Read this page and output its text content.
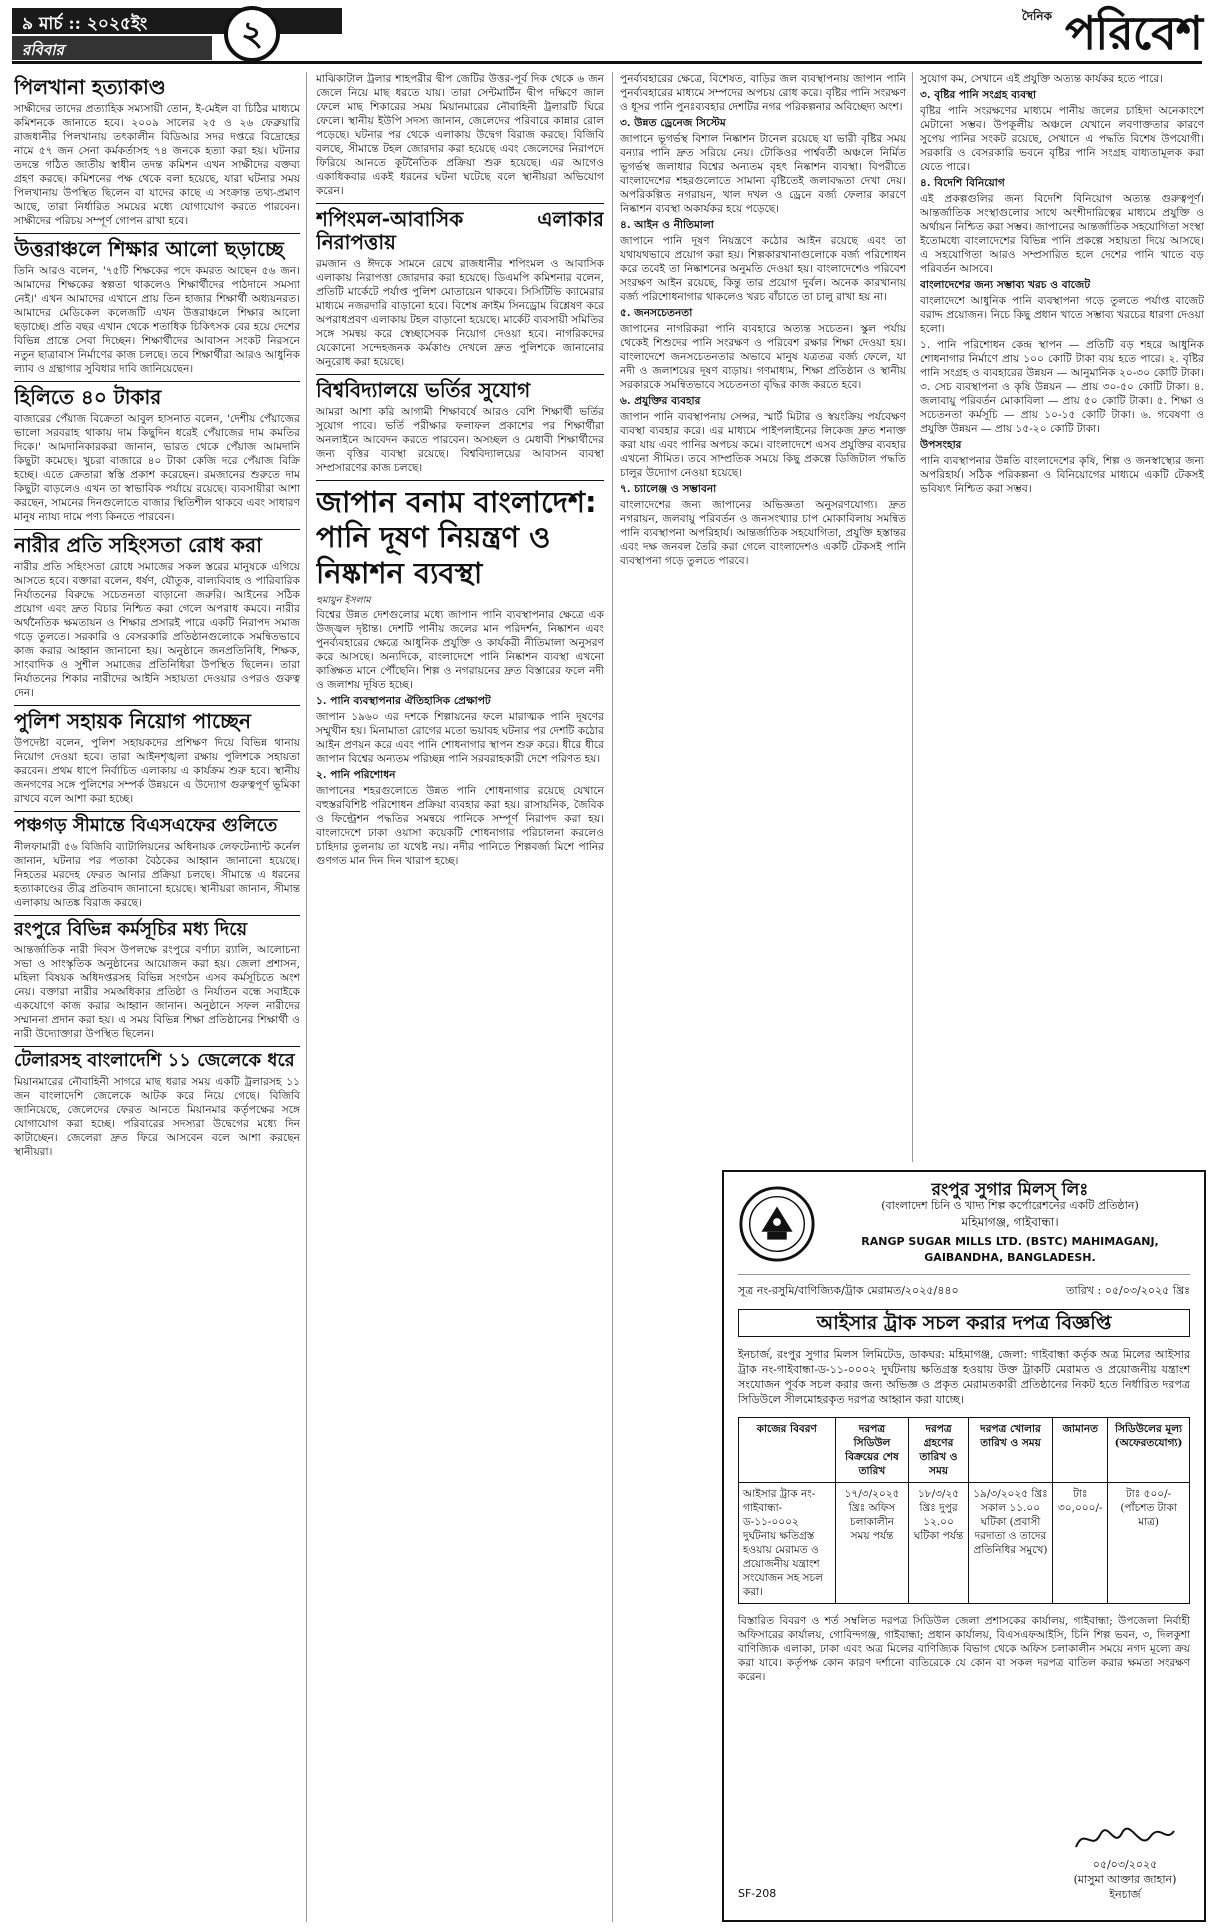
৯ মার্চ :: ২০২৫ইং
রবিবার	২	দৈনিক পরিবেশ
পিলখানা হত্যাকাণ্ড

সাক্ষীদের তাদের প্রত্যাহিক সম্যসায়ী তোন, ই-মেইল বা চিঠির মাধ্যমে কমিশনকে জানাতে হবে। ২০০৯ সালের ২৫ ও ২৬ ফেব্রুয়ারি রাজধানীর পিলখানায় তৎকালীন বিডিআর সদর দপ্তরে বিদ্রোহের নামে ৫৭ জন সেনা কর্মকর্তাসহ ৭৪ জনকে হত্যা করা হয়। ঘটনার তদন্তে গঠিত জাতীয় স্বাধীন তদন্ত কমিশন এখন সাক্ষীদের বক্তব্য গ্রহণ করছে। কমিশনের পক্ষ থেকে বলা হয়েছে, যারা ঘটনার সময় পিলখানায় উপস্থিত ছিলেন বা যাদের কাছে এ সংক্রান্ত তথ্য-প্রমাণ আছে, তারা নির্ধারিত সময়ের মধ্যে যোগাযোগ করতে পারবেন। সাক্ষীদের পরিচয় সম্পূর্ণ গোপন রাখা হবে।

উত্তরাঞ্চলে শিক্ষার আলো ছড়াচ্ছে

তিনি আরও বলেন, '৭৫টি শিক্ষকের পদে কমরত আছেন ৫৬ জন। আমাদের শিক্ষকের স্বল্পতা থাকলেও শিক্ষার্থীদের পাঠদানে সমস্যা নেই।' এখন আমাদের এখানে প্রায় তিন হাজার শিক্ষার্থী অধ্যয়নরত। আমাদের মেডিকেল কলেজটি এখন উত্তরাঞ্চলে শিক্ষার আলো ছড়াচ্ছে। প্রতি বছর এখান থেকে শতাধিক চিকিৎসক বের হয়ে দেশের বিভিন্ন প্রান্তে সেবা দিচ্ছেন। শিক্ষার্থীদের আবাসন সংকট নিরসনে নতুন ছাত্রাবাস নির্মাণের কাজ চলছে। তবে শিক্ষার্থীরা আরও আধুনিক ল্যাব ও গ্রন্থাগার সুবিধার দাবি জানিয়েছেন।

হিলিতে ৪০ টাকার

বাজারের পেঁয়াজ বিক্রেতা আবুল হাসনাত বলেন, 'দেশীয় পেঁয়াজের ভালো সরবরাহ থাকায় দাম কিছুদিন ধরেই পেঁয়াজের দাম কমতির দিকে।' আমদানিকারকরা জানান, ভারত থেকে পেঁয়াজ আমদানি কিছুটা কমেছে। খুচরা বাজারে ৪০ টাকা কেজি দরে পেঁয়াজ বিক্রি হচ্ছে। এতে ক্রেতারা স্বস্তি প্রকাশ করেছেন। রমজানের শুরুতে দাম কিছুটা বাড়লেও এখন তা স্বাভাবিক পর্যায়ে রয়েছে। ব্যবসায়ীরা আশা করছেন, সামনের দিনগুলোতে বাজার স্থিতিশীল থাকবে এবং সাধারণ মানুষ ন্যায্য দামে পণ্য কিনতে পারবেন।

নারীর প্রতি সহিংসতা রোধ করা

নারীর প্রতি সহিংসতা রোধে সমাজের সকল স্তরের মানুষকে এগিয়ে আসতে হবে। বক্তারা বলেন, ধর্ষণ, যৌতুক, বাল্যবিবাহ ও পারিবারিক নির্যাতনের বিরুদ্ধে সচেতনতা বাড়ানো জরুরি। আইনের সঠিক প্রয়োগ এবং দ্রুত বিচার নিশ্চিত করা গেলে অপরাধ কমবে। নারীর অর্থনৈতিক ক্ষমতায়ন ও শিক্ষার প্রসারই পারে একটি নিরাপদ সমাজ গড়ে তুলতে। সরকারি ও বেসরকারি প্রতিষ্ঠানগুলোকে সমন্বিতভাবে কাজ করার আহ্বান জানানো হয়। অনুষ্ঠানে জনপ্রতিনিধি, শিক্ষক, সাংবাদিক ও সুশীল সমাজের প্রতিনিধিরা উপস্থিত ছিলেন। তারা নির্যাতনের শিকার নারীদের আইনি সহায়তা দেওয়ার ওপরও গুরুত্ব দেন।

পুলিশ সহায়ক নিয়োগ পাচ্ছেন

উপদেষ্টা বলেন, পুলিশ সহায়কদের প্রশিক্ষণ দিয়ে বিভিন্ন থানায় নিয়োগ দেওয়া হবে। তারা আইনশৃঙ্খলা রক্ষায় পুলিশকে সহায়তা করবেন। প্রথম ধাপে নির্বাচিত এলাকায় এ কার্যক্রম শুরু হবে। স্থানীয় জনগণের সঙ্গে পুলিশের সম্পর্ক উন্নয়নে এ উদ্যোগ গুরুত্বপূর্ণ ভূমিকা রাখবে বলে আশা করা হচ্ছে।

পঞ্চগড় সীমান্তে বিএসএফের গুলিতে

নীলফামারী ৫৬ বিজিবি ব্যাটালিয়নের অধিনায়ক লেফটেন্যান্ট কর্নেল জানান, ঘটনার পর পতাকা বৈঠকের আহ্বান জানানো হয়েছে। নিহতের মরদেহ ফেরত আনার প্রক্রিয়া চলছে। সীমান্তে এ ধরনের হত্যাকাণ্ডের তীব্র প্রতিবাদ জানানো হয়েছে। স্থানীয়রা জানান, সীমান্ত এলাকায় আতঙ্ক বিরাজ করছে।

রংপুরে বিভিন্ন কর্মসূচির মধ্য দিয়ে

আন্তর্জাতিক নারী দিবস উপলক্ষে রংপুরে বর্ণাঢ্য র‍্যালি, আলোচনা সভা ও সাংস্কৃতিক অনুষ্ঠানের আয়োজন করা হয়। জেলা প্রশাসন, মহিলা বিষয়ক অধিদপ্তরসহ বিভিন্ন সংগঠন এসব কর্মসূচিতে অংশ নেয়। বক্তারা নারীর সমঅধিকার প্রতিষ্ঠা ও নির্যাতন বন্ধে সবাইকে একযোগে কাজ করার আহ্বান জানান। অনুষ্ঠানে সফল নারীদের সম্মাননা প্রদান করা হয়। এ সময় বিভিন্ন শিক্ষা প্রতিষ্ঠানের শিক্ষার্থী ও নারী উদ্যোক্তারা উপস্থিত ছিলেন।

টেলারসহ বাংলাদেশি ১১ জেলেকে ধরে

মিয়ানমারের নৌবাহিনী সাগরে মাছ ধরার সময় একটি ট্রলারসহ ১১ জন বাংলাদেশি জেলেকে আটক করে নিয়ে গেছে। বিজিবি জানিয়েছে, জেলেদের ফেরত আনতে মিয়ানমার কর্তৃপক্ষের সঙ্গে যোগাযোগ করা হচ্ছে। পরিবারের সদস্যরা উদ্বেগের মধ্যে দিন কাটাচ্ছেন। জেলেরা দ্রুত ফিরে আসবেন বলে আশা করছেন স্থানীয়রা।

মাঝিকাটাল ট্রলার শাহপরীর দ্বীপ জেটির উত্তর-পূর্ব দিক থেকে ৬ জন জেলে নিয়ে মাছ ধরতে যায়। তারা সেন্টমার্টিন দ্বীপ দক্ষিণে জাল ফেলে মাছ শিকারের সময় মিয়ানমারের নৌবাহিনী ট্রলারটি ঘিরে ফেলে। স্থানীয় ইউপি সদস্য জানান, জেলেদের পরিবারে কান্নার রোল পড়েছে। ঘটনার পর থেকে এলাকায় উদ্বেগ বিরাজ করছে। বিজিবি বলছে, সীমান্তে টহল জোরদার করা হয়েছে এবং জেলেদের নিরাপদে ফিরিয়ে আনতে কূটনৈতিক প্রক্রিয়া শুরু হয়েছে। এর আগেও একাধিকবার একই ধরনের ঘটনা ঘটেছে বলে স্থানীয়রা অভিযোগ করেন।

শপিংমল-আবাসিক এলাকার নিরাপত্তায়

রমজান ও ঈদকে সামনে রেখে রাজধানীর শপিংমল ও আবাসিক এলাকায় নিরাপত্তা জোরদার করা হয়েছে। ডিএমপি কমিশনার বলেন, প্রতিটি মার্কেটে পর্যাপ্ত পুলিশ মোতায়েন থাকবে। সিসিটিভি ক্যামেরার মাধ্যমে নজরদারি বাড়ানো হবে। বিশেষ ক্রাইম সিনড্রোম বিশ্লেষণ করে অপরাধপ্রবণ এলাকায় টহল বাড়ানো হয়েছে। মার্কেট ব্যবসায়ী সমিতির সঙ্গে সমন্বয় করে স্বেচ্ছাসেবক নিয়োগ দেওয়া হবে। নাগরিকদের যেকোনো সন্দেহজনক কর্মকাণ্ড দেখলে দ্রুত পুলিশকে জানানোর অনুরোধ করা হয়েছে।

বিশ্ববিদ্যালয়ে ভর্তির সুযোগ

আমরা আশা করি আগামী শিক্ষাবর্ষে আরও বেশি শিক্ষার্থী ভর্তির সুযোগ পাবে। ভর্তি পরীক্ষার ফলাফল প্রকাশের পর শিক্ষার্থীরা অনলাইনে আবেদন করতে পারবেন। অসচ্ছল ও মেধাবী শিক্ষার্থীদের জন্য বৃত্তির ব্যবস্থা রয়েছে। বিশ্ববিদ্যালয়ের আবাসন ব্যবস্থা সম্প্রসারণের কাজ চলছে।

জাপান বনাম বাংলাদেশ: পানি দূষণ নিয়ন্ত্রণ ও নিষ্কাশন ব্যবস্থা
হুমায়ুন ইসলাম

বিশ্বের উন্নত দেশগুলোর মধ্যে জাপান পানি ব্যবস্থাপনার ক্ষেত্রে এক উজ্জ্বল দৃষ্টান্ত। দেশটি পানীয় জলের মান পরিদর্শন, নিষ্কাশন এবং পুনর্ব্যবহারের ক্ষেত্রে আধুনিক প্রযুক্তি ও কার্যকরী নীতিমালা অনুসরণ করে আসছে। অন্যদিকে, বাংলাদেশে পানি নিষ্কাশন ব্যবস্থা এখনো কাঙ্ক্ষিত মানে পৌঁছেনি। শিল্প ও নগরায়নের দ্রুত বিস্তারের ফলে নদী ও জলাশয় দূষিত হচ্ছে।

১. পানি ব্যবস্থাপনার ঐতিহাসিক প্রেক্ষাপট

জাপান ১৯৬০ এর দশকে শিল্পায়নের ফলে মারাত্মক পানি দূষণের সম্মুখীন হয়। মিনামাতা রোগের মতো ভয়াবহ ঘটনার পর দেশটি কঠোর আইন প্রণয়ন করে এবং পানি শোধনাগার স্থাপন শুরু করে। ধীরে ধীরে জাপান বিশ্বের অন্যতম পরিচ্ছন্ন পানি সরবরাহকারী দেশে পরিণত হয়।

২. পানি পরিশোধন

জাপানের শহরগুলোতে উন্নত পানি শোধনাগার রয়েছে যেখানে বহুস্তরবিশিষ্ট পরিশোধন প্রক্রিয়া ব্যবহার করা হয়। রাসায়নিক, জৈবিক ও ফিল্ট্রেশন পদ্ধতির সমন্বয়ে পানিকে সম্পূর্ণ নিরাপদ করা হয়। বাংলাদেশে ঢাকা ওয়াসা কয়েকটি শোধনাগার পরিচালনা করলেও চাহিদার তুলনায় তা যথেষ্ট নয়। নদীর পানিতে শিল্পবর্জ্য মিশে পানির গুণগত মান দিন দিন খারাপ হচ্ছে।

পুনর্ব্যবহারের ক্ষেত্রে, বিশেষত, বাড়ির জল ব্যবস্থাপনায় জাপান পানি পুনর্ব্যবহারের মাধ্যমে সম্পদের অপচয় রোধ করে। বৃষ্টির পানি সংরক্ষণ ও ধূসর পানি পুনঃব্যবহার দেশটির নগর পরিকল্পনার অবিচ্ছেদ্য অংশ।

৩. উন্নত ড্রেনেজ সিস্টেম

জাপানে ভূগর্ভস্থ বিশাল নিষ্কাশন টানেল রয়েছে যা ভারী বৃষ্টির সময় বন্যার পানি দ্রুত সরিয়ে নেয়। টোকিওর পার্শ্ববর্তী অঞ্চলে নির্মিত ভূগর্ভস্থ জলাধার বিশ্বের অন্যতম বৃহৎ নিষ্কাশন ব্যবস্থা। বিপরীতে বাংলাদেশের শহরগুলোতে সামান্য বৃষ্টিতেই জলাবদ্ধতা দেখা দেয়। অপরিকল্পিত নগরায়ন, খাল দখল ও ড্রেনে বর্জ্য ফেলার কারণে নিষ্কাশন ব্যবস্থা অকার্যকর হয়ে পড়েছে।

৪. আইন ও নীতিমালা

জাপানে পানি দূষণ নিয়ন্ত্রণে কঠোর আইন রয়েছে এবং তা যথাযথভাবে প্রয়োগ করা হয়। শিল্পকারখানাগুলোকে বর্জ্য পরিশোধন করে তবেই তা নিষ্কাশনের অনুমতি দেওয়া হয়। বাংলাদেশেও পরিবেশ সংরক্ষণ আইন রয়েছে, কিন্তু তার প্রয়োগ দুর্বল। অনেক কারখানায় বর্জ্য পরিশোধনাগার থাকলেও খরচ বাঁচাতে তা চালু রাখা হয় না।

৫. জনসচেতনতা

জাপানের নাগরিকরা পানি ব্যবহারে অত্যন্ত সচেতন। স্কুল পর্যায় থেকেই শিশুদের পানি সংরক্ষণ ও পরিবেশ রক্ষার শিক্ষা দেওয়া হয়। বাংলাদেশে জনসচেতনতার অভাবে মানুষ যত্রতত্র বর্জ্য ফেলে, যা নদী ও জলাশয়ের দূষণ বাড়ায়। গণমাধ্যম, শিক্ষা প্রতিষ্ঠান ও স্থানীয় সরকারকে সমন্বিতভাবে সচেতনতা বৃদ্ধির কাজ করতে হবে।

৬. প্রযুক্তির ব্যবহার

জাপান পানি ব্যবস্থাপনায় সেন্সর, স্মার্ট মিটার ও স্বয়ংক্রিয় পর্যবেক্ষণ ব্যবস্থা ব্যবহার করে। এর মাধ্যমে পাইপলাইনের লিকেজ দ্রুত শনাক্ত করা যায় এবং পানির অপচয় কমে। বাংলাদেশে এসব প্রযুক্তির ব্যবহার এখনো সীমিত। তবে সাম্প্রতিক সময়ে কিছু প্রকল্পে ডিজিটাল পদ্ধতি চালুর উদ্যোগ নেওয়া হয়েছে।

৭. চ্যালেঞ্জ ও সম্ভাবনা

বাংলাদেশের জন্য জাপানের অভিজ্ঞতা অনুসরণযোগ্য। দ্রুত নগরায়ন, জলবায়ু পরিবর্তন ও জনসংখ্যার চাপ মোকাবিলায় সমন্বিত পানি ব্যবস্থাপনা অপরিহার্য। আন্তর্জাতিক সহযোগিতা, প্রযুক্তি হস্তান্তর এবং দক্ষ জনবল তৈরি করা গেলে বাংলাদেশও একটি টেকসই পানি ব্যবস্থাপনা গড়ে তুলতে পারবে।

সুযোগ কম, সেখানে এই প্রযুক্তি অত্যন্ত কার্যকর হতে পারে।

৩. বৃষ্টির পানি সংগ্রহ ব্যবস্থা

বৃষ্টির পানি সংরক্ষণের মাধ্যমে পানীয় জলের চাহিদা অনেকাংশে মেটানো সম্ভব। উপকূলীয় অঞ্চলে যেখানে লবণাক্ততার কারণে সুপেয় পানির সংকট রয়েছে, সেখানে এ পদ্ধতি বিশেষ উপযোগী। সরকারি ও বেসরকারি ভবনে বৃষ্টির পানি সংগ্রহ বাধ্যতামূলক করা যেতে পারে।

৪. বিদেশি বিনিয়োগ

এই প্রকল্পগুলির জন্য বিদেশি বিনিয়োগ অত্যন্ত গুরুত্বপূর্ণ। আন্তর্জাতিক সংস্থাগুলোর সাথে অংশীদারিত্বের মাধ্যমে প্রযুক্তি ও অর্থায়ন নিশ্চিত করা সম্ভব। জাপানের আন্তর্জাতিক সহযোগিতা সংস্থা ইতোমধ্যে বাংলাদেশের বিভিন্ন পানি প্রকল্পে সহায়তা দিয়ে আসছে। এ সহযোগিতা আরও সম্প্রসারিত হলে দেশের পানি খাতে বড় পরিবর্তন আসবে।

বাংলাদেশের জন্য সম্ভাব্য খরচ ও বাজেট

বাংলাদেশে আধুনিক পানি ব্যবস্থাপনা গড়ে তুলতে পর্যাপ্ত বাজেট বরাদ্দ প্রয়োজন। নিচে কিছু প্রধান খাতে সম্ভাব্য খরচের ধারণা দেওয়া হলো।

১. পানি পরিশোধন কেন্দ্র স্থাপন — প্রতিটি বড় শহরে আধুনিক শোধনাগার নির্মাণে প্রায় ১০০ কোটি টাকা ব্যয় হতে পারে। ২. বৃষ্টির পানি সংগ্রহ ও ব্যবহারের উন্নয়ন — আনুমানিক ২০-৩০ কোটি টাকা। ৩. সেচ ব্যবস্থাপনা ও কৃষি উন্নয়ন — প্রায় ৩০-৫০ কোটি টাকা। ৪. জলাবায়ু পরিবর্তন মোকাবিলা — প্রায় ৫০ কোটি টাকা। ৫. শিক্ষা ও সচেতনতা কর্মসূচি — প্রায় ১০-১৫ কোটি টাকা। ৬. গবেষণা ও প্রযুক্তি উন্নয়ন — প্রায় ১৫-২০ কোটি টাকা।

উপসংহার

পানি ব্যবস্থাপনার উন্নতি বাংলাদেশের কৃষি, শিল্প ও জনস্বাস্থ্যের জন্য অপরিহার্য। সঠিক পরিকল্পনা ও বিনিয়োগের মাধ্যমে একটি টেকসই ভবিষ্যৎ নিশ্চিত করা সম্ভব।

রংপুর সুগার মিলস্ লিঃ
(বাংলাদেশ চিনি ও খাদ্য শিল্প কর্পোরেশনের একটি প্রতিষ্ঠান)
মহিমাগঞ্জ, গাইবান্ধা।
RANGP SUGAR MILLS LTD. (BSTC) MAHIMAGANJ, GAIBANDHA, BANGLADESH.
সূত্র নং-রসুমি/বাণিজ্যিক/ট্রাক মেরামত/২০২৫/৪৪০	তারিখ : ০৫/০৩/২০২৫ খ্রিঃ
আইসার ট্রাক সচল করার দপত্র বিজ্ঞপ্তি

ইনচার্জ, রংপুর সুগার মিলস লিমিটেড, ডাকঘর: মহিমাগঞ্জ, জেলা: গাইবান্ধা কর্তৃক অত্র মিলের আইসার ট্রাক নং-গাইবান্ধা-ড-১১-০০০২ দুর্ঘটনায় ক্ষতিগ্রস্ত হওয়ায় উক্ত ট্রাকটি মেরামত ও প্রয়োজনীয় যন্ত্রাংশ সংযোজন পূর্বক সচল করার জন্য অভিজ্ঞ ও প্রকৃত মেরামতকারী প্রতিষ্ঠানের নিকট হতে নির্ধারিত দরপত্র সিডিউলে সীলমোহরকৃত দরপত্র আহ্বান করা যাচ্ছে।

কাজের বিবরণ	দরপত্র সিডিউল বিক্রয়ের শেষ তারিখ	দরপত্র গ্রহণের তারিখ ও সময়	দরপত্র খোলার তারিখ ও সময়	জামানত	সিডিউলের মূল্য (অফেরতযোগ্য)
আইসার ট্রাক নং-গাইবান্ধা-ড-১১-০০০২ দুর্ঘটনায় ক্ষতিগ্রস্ত হওয়ায় মেরামত ও প্রয়োজনীয় যন্ত্রাংশ সংযোজন সহ সচল করা।	১৭/৩/২০২৫ খ্রিঃ অফিস চলাকালীন সময় পর্যন্ত	১৮/৩/২৫ খ্রিঃ দুপুর ১২.০০ ঘটিকা পর্যন্ত	১৯/৩/২০২৫ খ্রিঃ সকাল ১১.০০ ঘটিকা (প্রবাসী দরদাতা ও তাদের প্রতিনিধির সমুখে)	টাঃ ৩০,০০০/-	টাঃ ৫০০/- (পাঁচশত টাকা মাত্র)

বিস্তারিত বিবরণ ও শর্ত সম্বলিত দরপত্র সিডিউল জেলা প্রশাসকের কার্যালয়, গাইবান্ধা; উপজেলা নির্বাহী অফিসারের কার্যালয়, গোবিন্দগঞ্জ, গাইবান্ধা; প্রধান কার্যালয়, বিএসএফআইসি, চিনি শিল্প ভবন, ৩, দিলকুশা বাণিজ্যিক এলাকা, ঢাকা এবং অত্র মিলের বাণিজ্যিক বিভাগ থেকে অফিস চলাকালীন সময়ে নগদ মূল্যে ক্রয় করা যাবে। কর্তৃপক্ষ কোন কারণ দর্শানো ব্যতিরেকে যে কোন বা সকল দরপত্র বাতিল করার ক্ষমতা সংরক্ষণ করেন।

SF-208
০৫/০৩/২০২৫
(মাসুমা আক্তার জাহান)
ইনচার্জ
